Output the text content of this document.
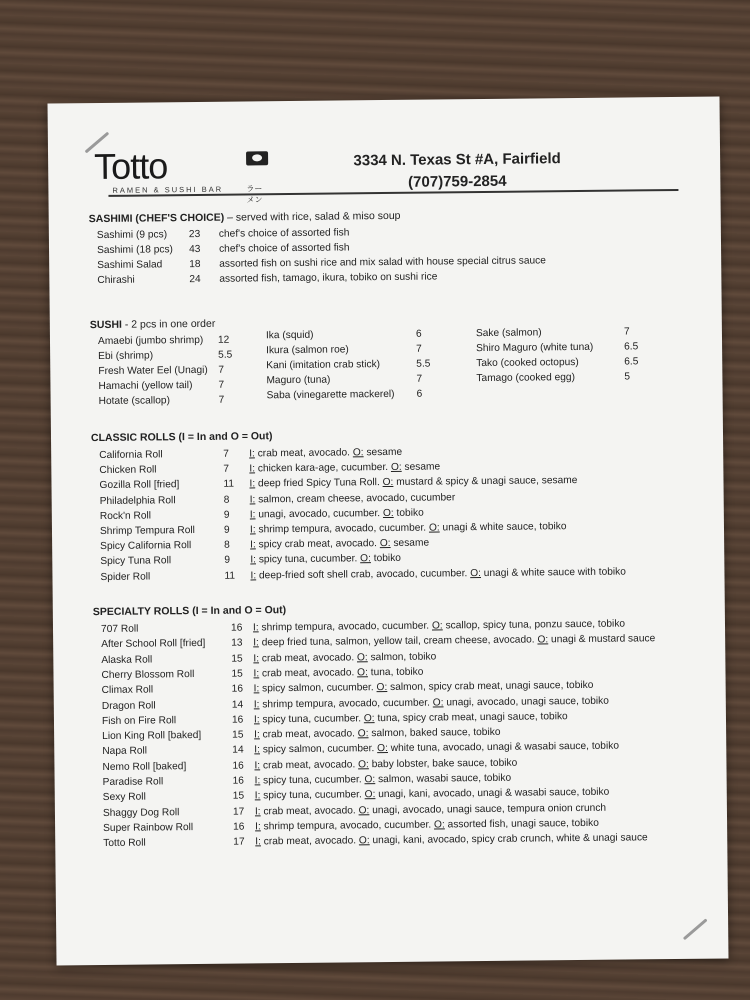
Totto
RAMEN & SUSHI BAR	ラーメン
3334 N. Texas St #A, Fairfield
(707)759-2854
SASHIMI (CHEF'S CHOICE) – served with rice, salad & miso soup
SUSHI - 2 pcs in one order
CLASSIC ROLLS (I = In and O = Out)
SPECIALTY ROLLS (I = In and O = Out)
Sashimi (9 pcs) 23 chef's choice of assorted fish
Sashimi (18 pcs) 43 chef's choice of assorted fish
Sashimi Salad	18 assorted fish on sushi rice and mix salad with house special citrus sauce
Chirashi	24 assorted fish, tamago, ikura, tobiko on sushi rice
Amaebi (jumbo shrimp) 12
Ebi (shrimp)	5.5
Fresh Water Eel (Unagi) 7
Hamachi (yellow tail)	7
Hotate (scallop)	7
Ika (squid)	6
Ikura (salmon roe)	7
Kani (imitation crab stick)	5.5
Maguro (tuna)	7
Saba (vinegarette mackerel) 6
Sake (salmon)	7
Shiro Maguro (white tuna)	6.5
Tako (cooked octopus)	6.5
Tamago (cooked egg)	5
California Roll	7 I: crab meat, avocado. O: sesame
Chicken Roll	7 I: chicken kara-age, cucumber. O: sesame
Gozilla Roll [fried]	11 I: deep fried Spicy Tuna Roll. O: mustard & spicy & unagi sauce, sesame
Philadelphia Roll	8 I: salmon, cream cheese, avocado, cucumber
Rock'n Roll	9 I: unagi, avocado, cucumber. O: tobiko
Shrimp Tempura Roll	9 I: shrimp tempura, avocado, cucumber. O: unagi & white sauce, tobiko
Spicy California Roll	8 I: spicy crab meat, avocado. O: sesame
Spicy Tuna Roll	9 I: spicy tuna, cucumber. O: tobiko
Spider Roll	11 I: deep-fried soft shell crab, avocado, cucumber. O: unagi & white sauce with tobiko
707 Roll	16 I: shrimp tempura, avocado, cucumber. O: scallop, spicy tuna, ponzu sauce, tobiko
After School Roll [fried]	13 I: deep fried tuna, salmon, yellow tail, cream cheese, avocado. O: unagi & mustard sauce
Alaska Roll	15 I: crab meat, avocado. O: salmon, tobiko
Cherry Blossom Roll	15 I: crab meat, avocado. O: tuna, tobiko
Climax Roll	16 I: spicy salmon, cucumber. O: salmon, spicy crab meat, unagi sauce, tobiko
Dragon Roll	14 I: shrimp tempura, avocado, cucumber. O: unagi, avocado, unagi sauce, tobiko
Fish on Fire Roll	16 I: spicy tuna, cucumber. O: tuna, spicy crab meat, unagi sauce, tobiko
Lion King Roll [baked]	15 I: crab meat, avocado. O: salmon, baked sauce, tobiko
Napa Roll	14 I: spicy salmon, cucumber. O: white tuna, avocado, unagi & wasabi sauce, tobiko
Nemo Roll [baked]	16 I: crab meat, avocado. O: baby lobster, bake sauce, tobiko
Paradise Roll	16 I: spicy tuna, cucumber. O: salmon, wasabi sauce, tobiko
Sexy Roll	15 I: spicy tuna, cucumber. O: unagi, kani, avocado, unagi & wasabi sauce, tobiko
Shaggy Dog Roll	17 I: crab meat, avocado. O: unagi, avocado, unagi sauce, tempura onion crunch
Super Rainbow Roll	16 I: shrimp tempura, avocado, cucumber. O: assorted fish, unagi sauce, tobiko
Totto Roll	17 I: crab meat, avocado. O: unagi, kani, avocado, spicy crab crunch, white & unagi sauce
